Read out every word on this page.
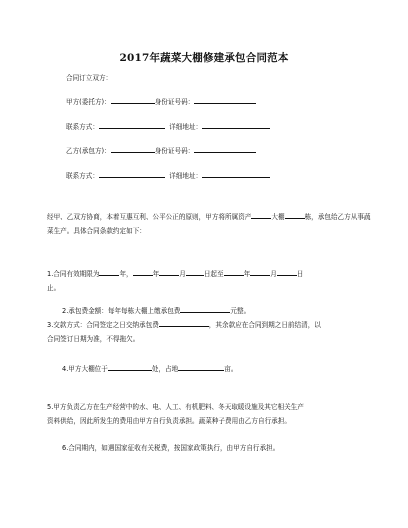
2017年蔬菜大棚修建承包合同范本
合同订立双方：
甲方(委托方)：	身份证号码：
联系方式：	详细地址：
乙方(承包方)：	身份证号码：
联系方式：	详细地址：
经甲、乙双方协商，本着互惠互利、公平公正的原则，甲方将所属资产	大棚	栋，承包给乙方从事蔬菜生产。具体合同条款约定如下：
1.合同有效期限为	年，	年	月	日起至	年	月	日
止。
2.承包费金额：每年每栋大棚上缴承包费	元整。
3.交款方式：合同签定之日交纳承包费	，其余款应在合同到期之日前结清，以
合同签订日期为准，不得拖欠。
4.甲方大棚位于	处，占地	亩。
5.甲方负责乙方在生产经营中的水、电、人工、有机肥料、冬天取暖设施及其它相关生产
资料供给，因此所发生的费用由甲方自行负责承担。蔬菜种子费用由乙方自行承担。
6.合同期内，如遇国家征收有关税费，按国家政策执行，由甲方自行承担。
